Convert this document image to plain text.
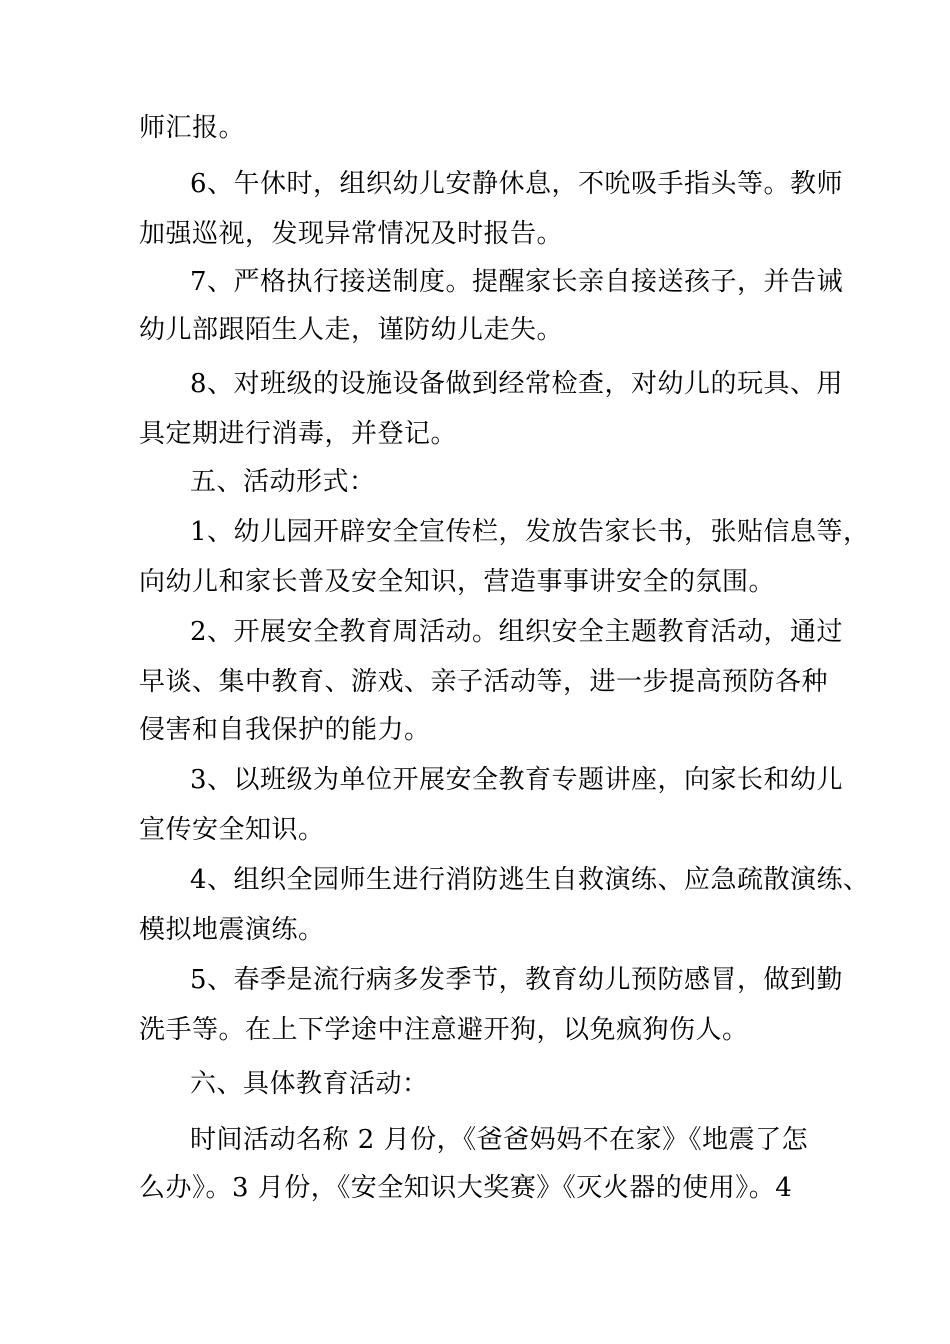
师汇报。

6、午休时，组织幼儿安静休息，不吮吸手指头等。教师

加强巡视，发现异常情况及时报告。

7、严格执行接送制度。提醒家长亲自接送孩子，并告诫

幼儿部跟陌生人走，谨防幼儿走失。

8、对班级的设施设备做到经常检查，对幼儿的玩具、用

具定期进行消毒，并登记。

五、活动形式：

1、幼儿园开辟安全宣传栏，发放告家长书，张贴信息等，

向幼儿和家长普及安全知识，营造事事讲安全的氛围。

2、开展安全教育周活动。组织安全主题教育活动，通过

早谈、集中教育、游戏、亲子活动等，进一步提高预防各种

侵害和自我保护的能力。

3、以班级为单位开展安全教育专题讲座，向家长和幼儿

宣传安全知识。

4、组织全园师生进行消防逃生自救演练、应急疏散演练、

模拟地震演练。

5、春季是流行病多发季节，教育幼儿预防感冒，做到勤

洗手等。在上下学途中注意避开狗，以免疯狗伤人。

六、具体教育活动：

时间活动名称 2 月份，《爸爸妈妈不在家》《地震了怎

么办》。3 月份，《安全知识大奖赛》《灭火器的使用》。4
